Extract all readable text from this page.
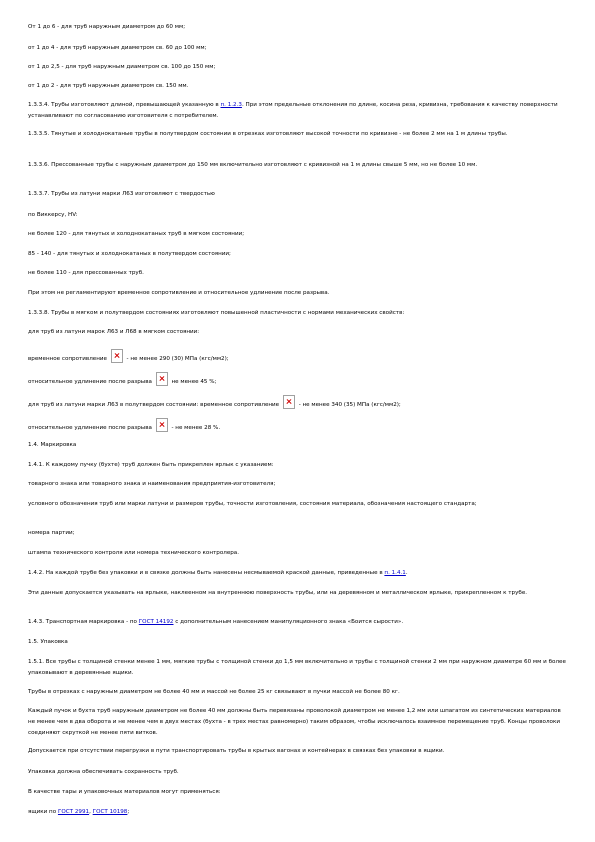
От 1 до 6 - для труб наружным диаметром до 60 мм;
от 1 до 4 - для труб наружным диаметром св. 60 до 100 мм;
от 1 до 2,5 - для труб наружным диаметром св. 100 до 150 мм;
от 1 до 2 - для труб наружным диаметром св. 150 мм.
1.3.3.4. Трубы изготовляют длиной, превышающей указанную в п. 1.2.3. При этом предельные отклонения по длине, косина реза, кривизна, требования к качеству поверхности устанавливают по согласованию изготовителя с потребителем.
1.3.3.5. Тянутые и холоднокатаные трубы в полутвердом состоянии в отрезках изготовляют высокой точности по кривизне - не более 2 мм на 1 м длины трубы.
1.3.3.6. Прессованные трубы с наружным диаметром до 150 мм включительно изготовляют с кривизной на 1 м длины свыше 5 мм, но не более 10 мм.
1.3.3.7. Трубы из латуни марки Л63 изготовляют с твердостью
по Виккерсу, HV:
не более 120 - для тянутых и холоднокатаных труб в мягком состоянии;
85 - 140 - для тянутых и холоднокатаных в полутвердом состоянии;
не более 110 - для прессованных труб.
При этом не регламентируют временное сопротивление и относительное удлинение после разрыва.
1.3.3.8. Трубы в мягком и полутвердом состояниях изготовляют повышенной пластичности с нормами механических свойств:
для труб из латуни марок Л63 и Л68 в мягком состоянии:
временное сопротивление	- не менее 290 (30) МПа (кгс/мм2);
относительное удлинение после разрыва	не менее 45 %;
для труб из латуни марки Л63 в полутвердом состоянии: временное сопротивление	- не менее 340 (35) МПа (кгс/мм2);
относительное удлинение после разрыва	- не менее 28 %.
1.4. Маркировка
1.4.1. К каждому пучку (бухте) труб должен быть прикреплен ярлык с указанием:
товарного знака или товарного знака и наименования предприятия-изготовителя;
условного обозначения труб или марки латуни и размеров трубы, точности изготовления, состояния материала, обозначения настоящего стандарта;
номера партии;
штампа технического контроля или номера технического контролера.
1.4.2. На каждой трубе без упаковки и в связке должны быть нанесены несмываемой краской данные, приведенные в п. 1.4.1.
Эти данные допускается указывать на ярлыке, наклеенном на внутреннюю поверхность трубы, или на деревянном и металлическом ярлыке, прикрепленном к трубе.
1.4.3. Транспортная маркировка - по ГОСТ 14192 с дополнительным нанесением манипуляционного знака «Боится сырости».
1.5. Упаковка
1.5.1. Все трубы с толщиной стенки менее 1 мм, мягкие трубы с толщиной стенки до 1,5 мм включительно и трубы с толщиной стенки 2 мм при наружном диаметре 60 мм и более упаковывают в деревянные ящики.
Трубы в отрезках с наружным диаметром не более 40 мм и массой не более 25 кг связывают в пучки массой не более 80 кг.
Каждый пучок и бухта труб наружным диаметром не более 40 мм должны быть перевязаны проволокой диаметром не менее 1,2 мм или шпагатом из синтетических материалов не менее чем в два оборота и не менее чем в двух местах (бухта - в трех местах равномерно) таким образом, чтобы исключалось взаимное перемещение труб. Концы проволоки соединяют скруткой не менее пяти витков.
Допускается при отсутствии перегрузки в пути транспортировать трубы в крытых вагонах и контейнерах в связках без упаковки в ящики.
Упаковка должна обеспечивать сохранность труб.
В качестве тары и упаковочных материалов могут применяться:
ящики по ГОСТ 2991, ГОСТ 10198;
